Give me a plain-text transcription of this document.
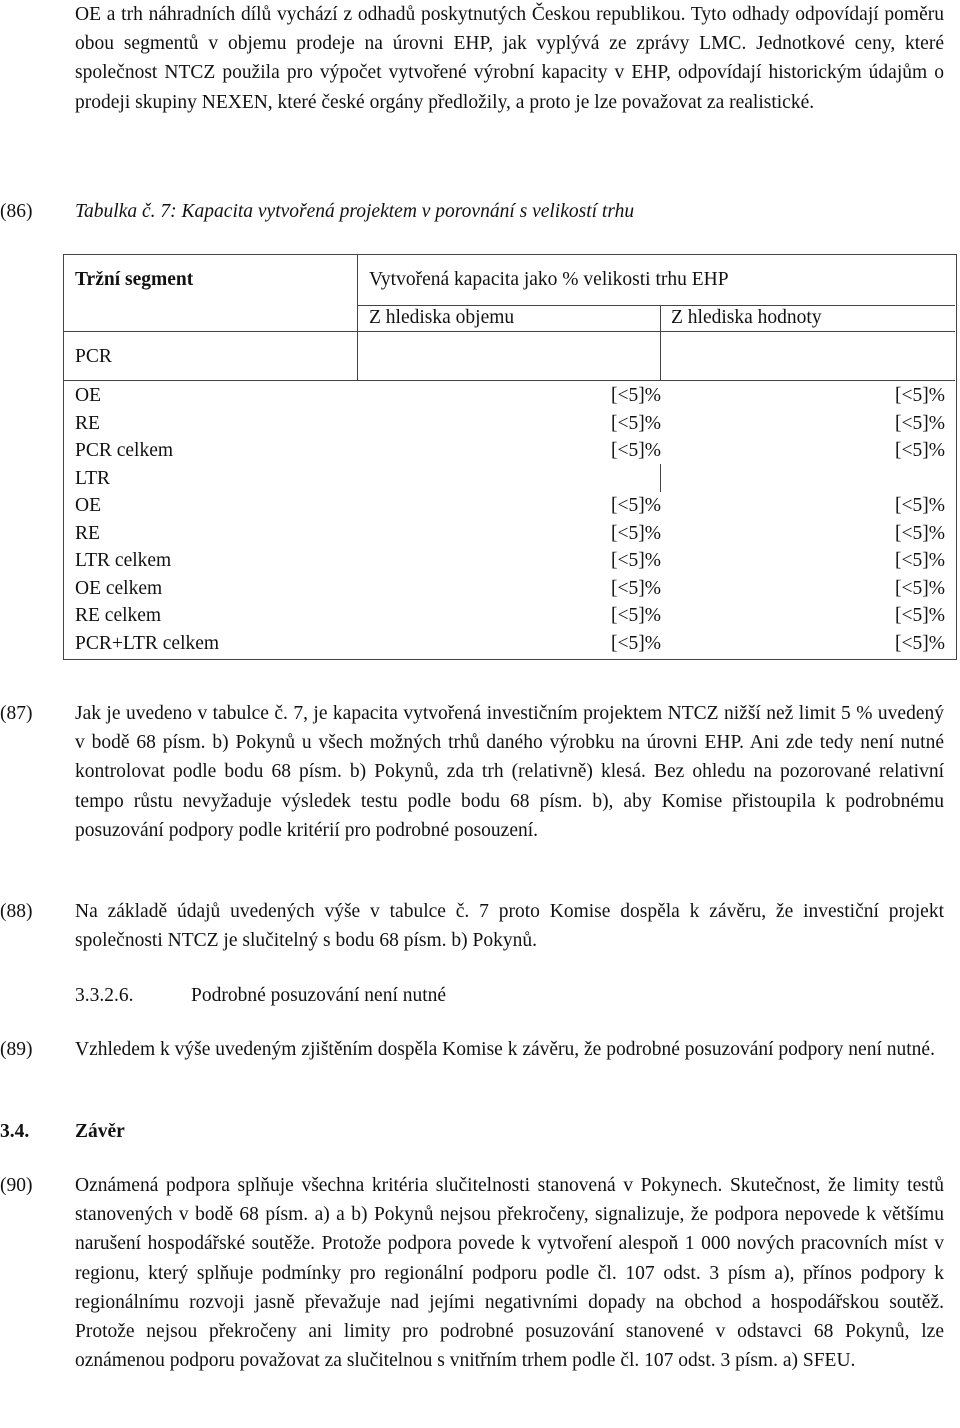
OE a trh náhradních dílů vychází z odhadů poskytnutých Českou republikou. Tyto odhady odpovídají poměru obou segmentů v objemu prodeje na úrovni EHP, jak vyplývá ze zprávy LMC. Jednotkové ceny, které společnost NTCZ použila pro výpočet vytvořené výrobní kapacity v EHP, odpovídají historickým údajům o prodeji skupiny NEXEN, které české orgány předložily, a proto je lze považovat za realistické.

(86) Tabulka č. 7: Kapacita vytvořená projektem v porovnání s velikostí trhu

Tržní segment	Vytvořená kapacita jako % velikosti trhu EHP
Z hlediska objemu	Z hlediska hodnoty
PCR
OE	[<5]%	[<5]%
RE	[<5]%	[<5]%
PCR celkem	[<5]%	[<5]%
LTR
OE	[<5]%	[<5]%
RE	[<5]%	[<5]%
LTR celkem	[<5]%	[<5]%
OE celkem	[<5]%	[<5]%
RE celkem	[<5]%	[<5]%
PCR+LTR celkem	[<5]%	[<5]%
(87) Jak je uvedeno v tabulce č. 7, je kapacita vytvořená investičním projektem NTCZ nižší než limit 5 % uvedený v bodě 68 písm. b) Pokynů u všech možných trhů daného výrobku na úrovni EHP. Ani zde tedy není nutné kontrolovat podle bodu 68 písm. b) Pokynů, zda trh (relativně) klesá. Bez ohledu na pozorované relativní tempo růstu nevyžaduje výsledek testu podle bodu 68 písm. b), aby Komise přistoupila k podrobnému posuzování podpory podle kritérií pro podrobné posouzení.

(88) Na základě údajů uvedených výše v tabulce č. 7 proto Komise dospěla k závěru, že investiční projekt společnosti NTCZ je slučitelný s bodu 68 písm. b) Pokynů.

3.3.2.6.	Podrobné posuzování není nutné
(89) Vzhledem k výše uvedeným zjištěním dospěla Komise k závěru, že podrobné posuzování podpory není nutné.

3.4. Závěr
(90) Oznámená podpora splňuje všechna kritéria slučitelnosti stanovená v Pokynech. Skutečnost, že limity testů stanovených v bodě 68 písm. a) a b) Pokynů nejsou překročeny, signalizuje, že podpora nepovede k většímu narušení hospodářské soutěže. Protože podpora povede k vytvoření alespoň 1 000 nových pracovních míst v regionu, který splňuje podmínky pro regionální podporu podle čl. 107 odst. 3 písm a), přínos podpory k regionálnímu rozvoji jasně převažuje nad jejími negativními dopady na obchod a hospodářskou soutěž. Protože nejsou překročeny ani limity pro podrobné posuzování stanovené v odstavci 68 Pokynů, lze oznámenou podporu považovat za slučitelnou s vnitřním trhem podle čl. 107 odst. 3 písm. a) SFEU.
